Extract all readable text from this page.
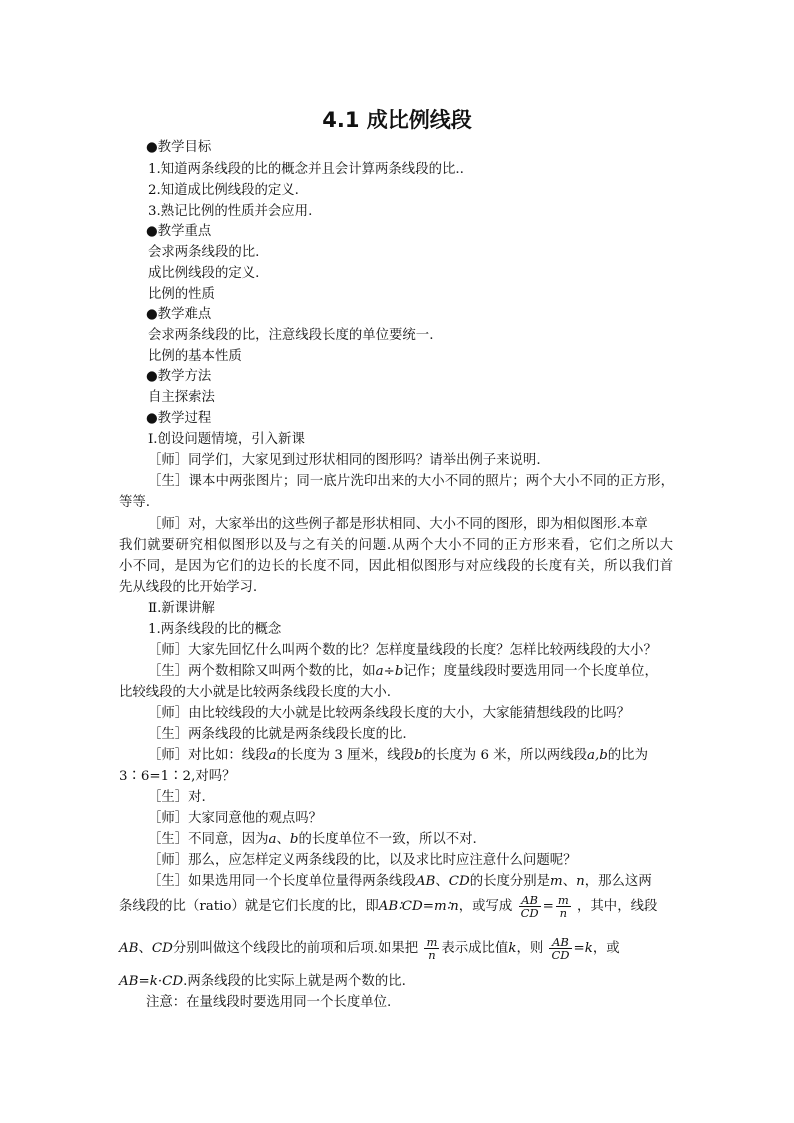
4.1 成比例线段
●教学目标
1.知道两条线段的比的概念并且会计算两条线段的比..
2.知道成比例线段的定义.
3.熟记比例的性质并会应用.
●教学重点
会求两条线段的比.
成比例线段的定义.
比例的性质
●教学难点
会求两条线段的比，注意线段长度的单位要统一.
比例的基本性质
●教学方法
自主探索法
●教学过程
Ⅰ.创设问题情境，引入新课
［师］同学们，大家见到过形状相同的图形吗？请举出例子来说明.
［生］课本中两张图片；同一底片洗印出来的大小不同的照片；两个大小不同的正方形，
等等.
［师］对，大家举出的这些例子都是形状相同、大小不同的图形，即为相似图形.本章
我们就要研究相似图形以及与之有关的问题.从两个大小不同的正方形来看，它们之所以大
小不同，是因为它们的边长的长度不同，因此相似图形与对应线段的长度有关，所以我们首
先从线段的比开始学习.
Ⅱ.新课讲解
1.两条线段的比的概念
［师］大家先回忆什么叫两个数的比？怎样度量线段的长度？怎样比较两线段的大小？
［生］两个数相除又叫两个数的比，如a÷b记作；度量线段时要选用同一个长度单位，
比较线段的大小就是比较两条线段长度的大小.
［师］由比较线段的大小就是比较两条线段长度的大小，大家能猜想线段的比吗？
［生］两条线段的比就是两条线段长度的比.
［师］对比如：线段a的长度为 3 厘米，线段b的长度为 6 米，所以两线段a,b的比为
3∶6=1∶2,对吗？
［生］对.
［师］大家同意他的观点吗？
［生］不同意，因为a、b的长度单位不一致，所以不对.
［师］那么，应怎样定义两条线段的比，以及求比时应注意什么问题呢？
［生］如果选用同一个长度单位量得两条线段AB、CD的长度分别是m、n，那么这两
条线段的比（ratio）就是它们长度的比，即AB∶CD=m∶n，或写成 $\frac{AB}{CD} = \frac{m}{n}$ ，其中，线段
AB、CD分别叫做这个线段比的前项和后项.如果把 $\frac{m}{n}$ 表示成比值k，则 $\frac{AB}{CD} =k$，或
AB=k·CD.两条线段的比实际上就是两个数的比.
注意：在量线段时要选用同一个长度单位.
